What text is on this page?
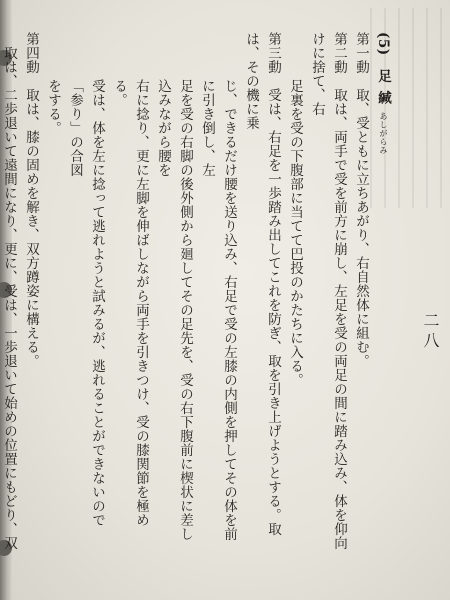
(5) 足緘$^{あしがらみ}$
第一動　取、受ともに立ちあがり、右自然体に組む。
第二動　取は、両手で受を前方に崩し、左足を受の両足の間に踏み込み、体を仰向けに捨て、右
足裏を受の下腹部に当てて巴投のかたちに入る。
第三動　受は、右足を一歩踏み出してこれを防ぎ、取を引き上げようとする。取は、その機に乗
じ、できるだけ腰を送り込み、右足で受の左膝の内側を押してその体を前に引き倒し、左
足を受の右脚の後外側から廻してその足先を、受の右下腹前に楔状に差し込みながら腰を
右に捻り、更に左脚を伸ばしながら両手を引きつけ、受の膝関節を極める。
受は、体を左に捻って逃れようと試みるが、逃れることができないので「参り」の合図
をする。
第四動　取は、膝の固めを解き、双方蹲姿に構える。
取は、二歩退いて遠間になり、更に、受は、一歩退いて始めの位置にもどり、双
二八
